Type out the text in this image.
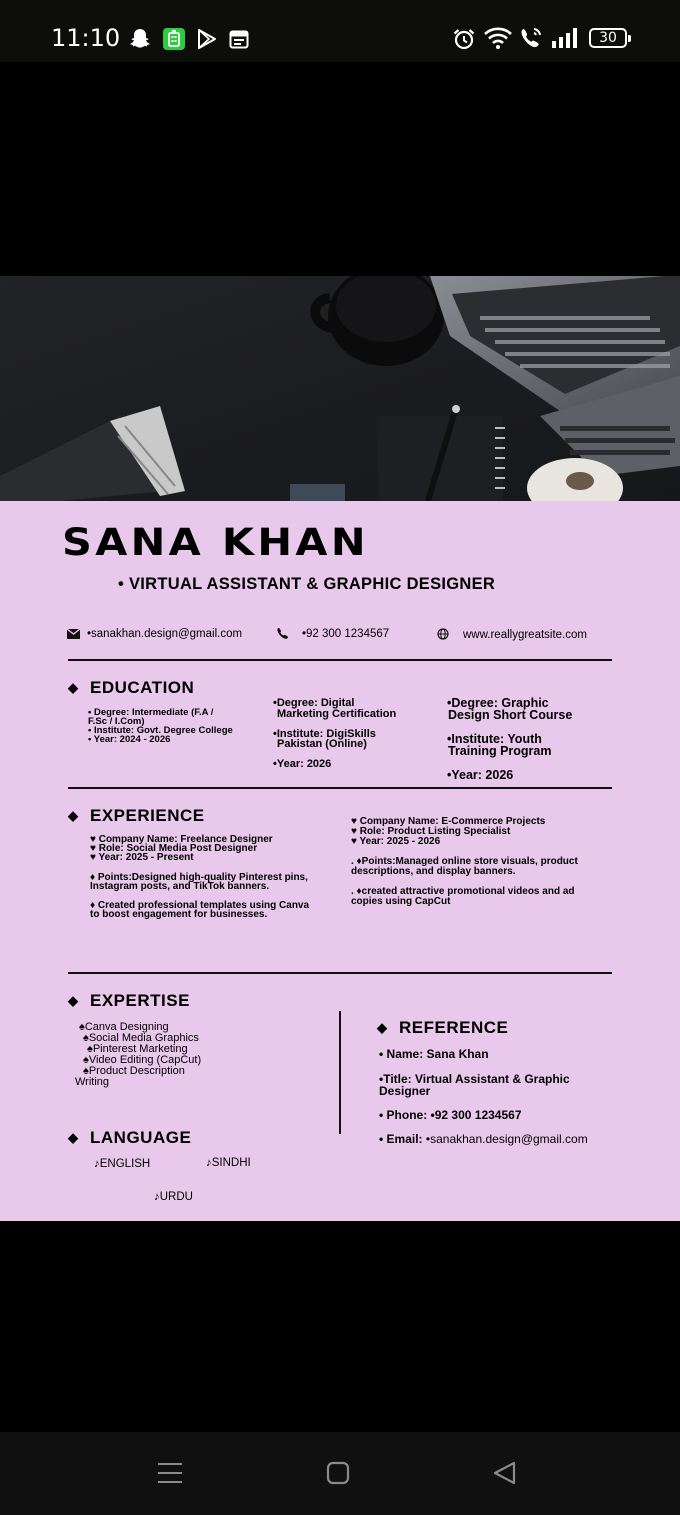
11:10	30
SANA KHAN
• VIRTUAL ASSISTANT & GRAPHIC DESIGNER
•sanakhan.design@gmail.com	•92 300 1234567	www.reallygreatsite.com
◆ EDUCATION
• Degree: Intermediate (F.A /
F.Sc / I.Com)
• Institute: Govt. Degree College
• Year: 2024 - 2026
•Degree: Digital
Marketing Certification
•Institute: DigiSkills
Pakistan (Online)
•Year: 2026
•Degree: Graphic
Design Short Course
•Institute: Youth
Training Program
•Year: 2026
◆ EXPERIENCE
♥ Company Name: Freelance Designer
♥ Role: Social Media Post Designer
♥ Year: 2025 - Present
♦ Points:Designed high-quality Pinterest pins,
Instagram posts, and TikTok banners.
♦ Created professional templates using Canva
to boost engagement for businesses.
♥ Company Name: E-Commerce Projects
♥ Role: Product Listing Specialist
♥ Year: 2025 - 2026
. ♦Points:Managed online store visuals, product
descriptions, and display banners.
. ♦created attractive promotional videos and ad
copies using CapCut
◆ EXPERTISE
♠Canva Designing
♠Social Media Graphics
♠Pinterest Marketing
♠Video Editing (CapCut)
♠Product Description
Writing
◆ LANGUAGE
♪ENGLISH	♪SINDHI
♪URDU
◆ REFERENCE
• Name: Sana Khan
•Title: Virtual Assistant & Graphic
Designer
• Phone: •92 300 1234567
• Email: •sanakhan.design@gmail.com
